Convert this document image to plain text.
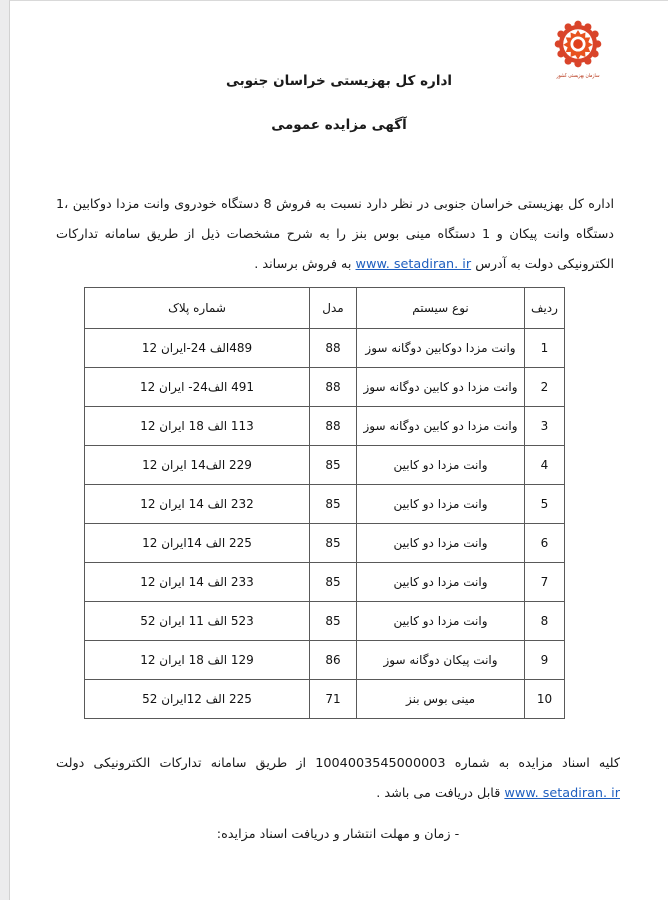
سازمان بهزیستی کشور
اداره کل بهزیستی خراسان جنوبی
آگهی مزایده عمومی

اداره کل بهزیستی خراسان جنوبی در نظر دارد نسبت به فروش 8 دستگاه خودروی وانت مزدا دوکابین ،1 دستگاه وانت پیکان و 1 دستگاه مینی بوس بنز را به شرح مشخصات ذیل از طریق سامانه تدارکات الکترونیکی دولت به آدرس www. setadiran. ir به فروش برساند .

ردیف	نوع سیستم	مدل	شماره پلاک
1	وانت مزدا دوکابین دوگانه سوز	88	489الف 24-ایران 12
2	وانت مزدا دو کابین دوگانه سوز	88	491 الف24- ایران 12
3	وانت مزدا دو کابین دوگانه سوز	88	113 الف 18 ایران 12
4	وانت مزدا دو کابین	85	229 الف14 ایران 12
5	وانت مزدا دو کابین	85	232 الف 14 ایران 12
6	وانت مزدا دو کابین	85	225 الف 14ایران 12
7	وانت مزدا دو کابین	85	233 الف 14 ایران 12
8	وانت مزدا دو کابین	85	523 الف 11 ایران 52
9	وانت پیکان دوگانه سوز	86	129 الف 18 ایران 12
10	مینی بوس بنز	71	225 الف 12ایران 52

کلیه اسناد مزایده به شماره 1004003545000003 از طریق سامانه تدارکات الکترونیکی دولت www. setadiran. ir قابل دریافت می باشد .

- زمان و مهلت انتشار و دریافت اسناد مزایده:
